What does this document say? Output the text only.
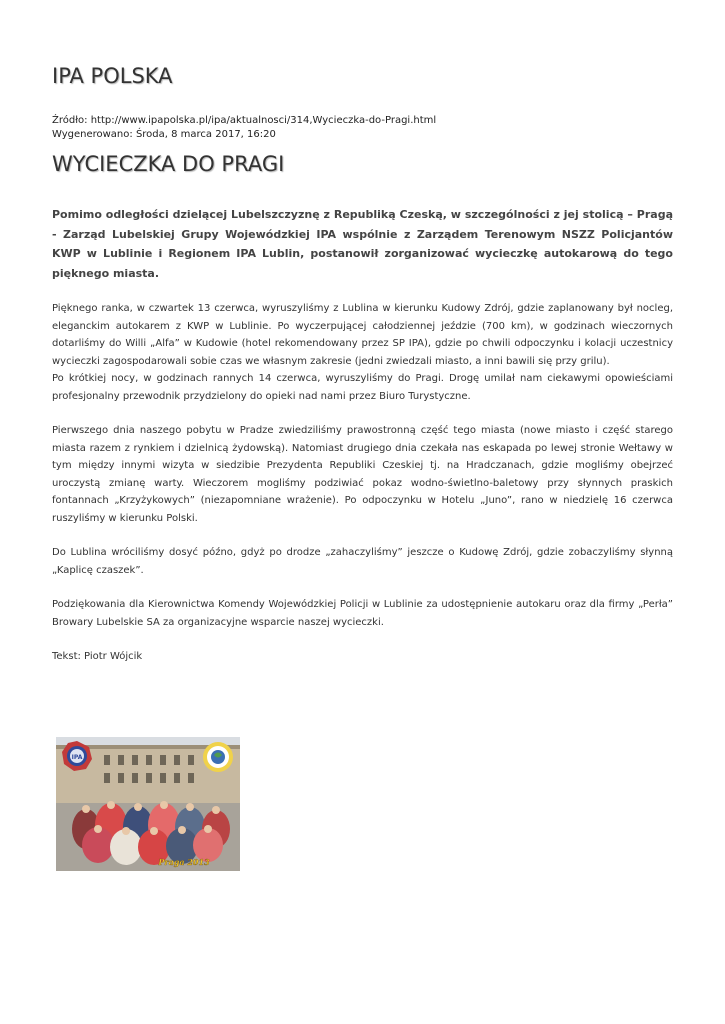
IPA POLSKA
Źródło: http://www.ipapolska.pl/ipa/aktualnosci/314,Wycieczka-do-Pragi.html
Wygenerowano: Środa, 8 marca 2017, 16:20
WYCIECZKA DO PRAGI

Pomimo odległości dzielącej Lubelszczyznę z Republiką Czeską, w szczególności z jej stolicą – Pragą - Zarząd Lubelskiej Grupy Wojewódzkiej IPA wspólnie z Zarządem Terenowym NSZZ Policjantów KWP w Lublinie i Regionem IPA Lublin, postanowił zorganizować wycieczkę autokarową do tego pięknego miasta.

Pięknego ranka, w czwartek 13 czerwca, wyruszyliśmy z Lublina w kierunku Kudowy Zdrój, gdzie zaplanowany był nocleg, eleganckim autokarem z KWP w Lublinie. Po wyczerpującej całodziennej jeździe (700 km), w godzinach wieczornych dotarliśmy do Willi „Alfa” w Kudowie (hotel rekomendowany przez SP IPA), gdzie po chwili odpoczynku i kolacji uczestnicy wycieczki zagospodarowali sobie czas we własnym zakresie (jedni zwiedzali miasto, a inni bawili się przy grilu).

Po krótkiej nocy, w godzinach rannych 14 czerwca, wyruszyliśmy do Pragi. Drogę umilał nam ciekawymi opowieściami profesjonalny przewodnik przydzielony do opieki nad nami przez Biuro Turystyczne.

Pierwszego dnia naszego pobytu w Pradze zwiedziliśmy prawostronną część tego miasta (nowe miasto i część starego miasta razem z rynkiem i dzielnicą żydowską). Natomiast drugiego dnia czekała nas eskapada po lewej stronie Wełtawy w tym między innymi wizyta w siedzibie Prezydenta Republiki Czeskiej tj. na Hradczanach, gdzie mogliśmy obejrzeć uroczystą zmianę warty. Wieczorem mogliśmy podziwiać pokaz wodno-świetlno-baletowy przy słynnych praskich fontannach „Krzyżykowych” (niezapomniane wrażenie). Po odpoczynku w Hotelu „Juno”, rano w niedzielę 16 czerwca ruszyliśmy w kierunku Polski.

Do Lublina wróciliśmy dosyć późno, gdyż po drodze „zahaczyliśmy” jeszcze o Kudowę Zdrój, gdzie zobaczyliśmy słynną „Kaplicę czaszek”.

Podziękowania dla Kierownictwa Komendy Wojewódzkiej Policji w Lublinie za udostępnienie autokaru oraz dla firmy „Perła” Browary Lubelskie SA za organizacyjne wsparcie naszej wycieczki.

Tekst: Piotr Wójcik

IPA
Praga 2013
